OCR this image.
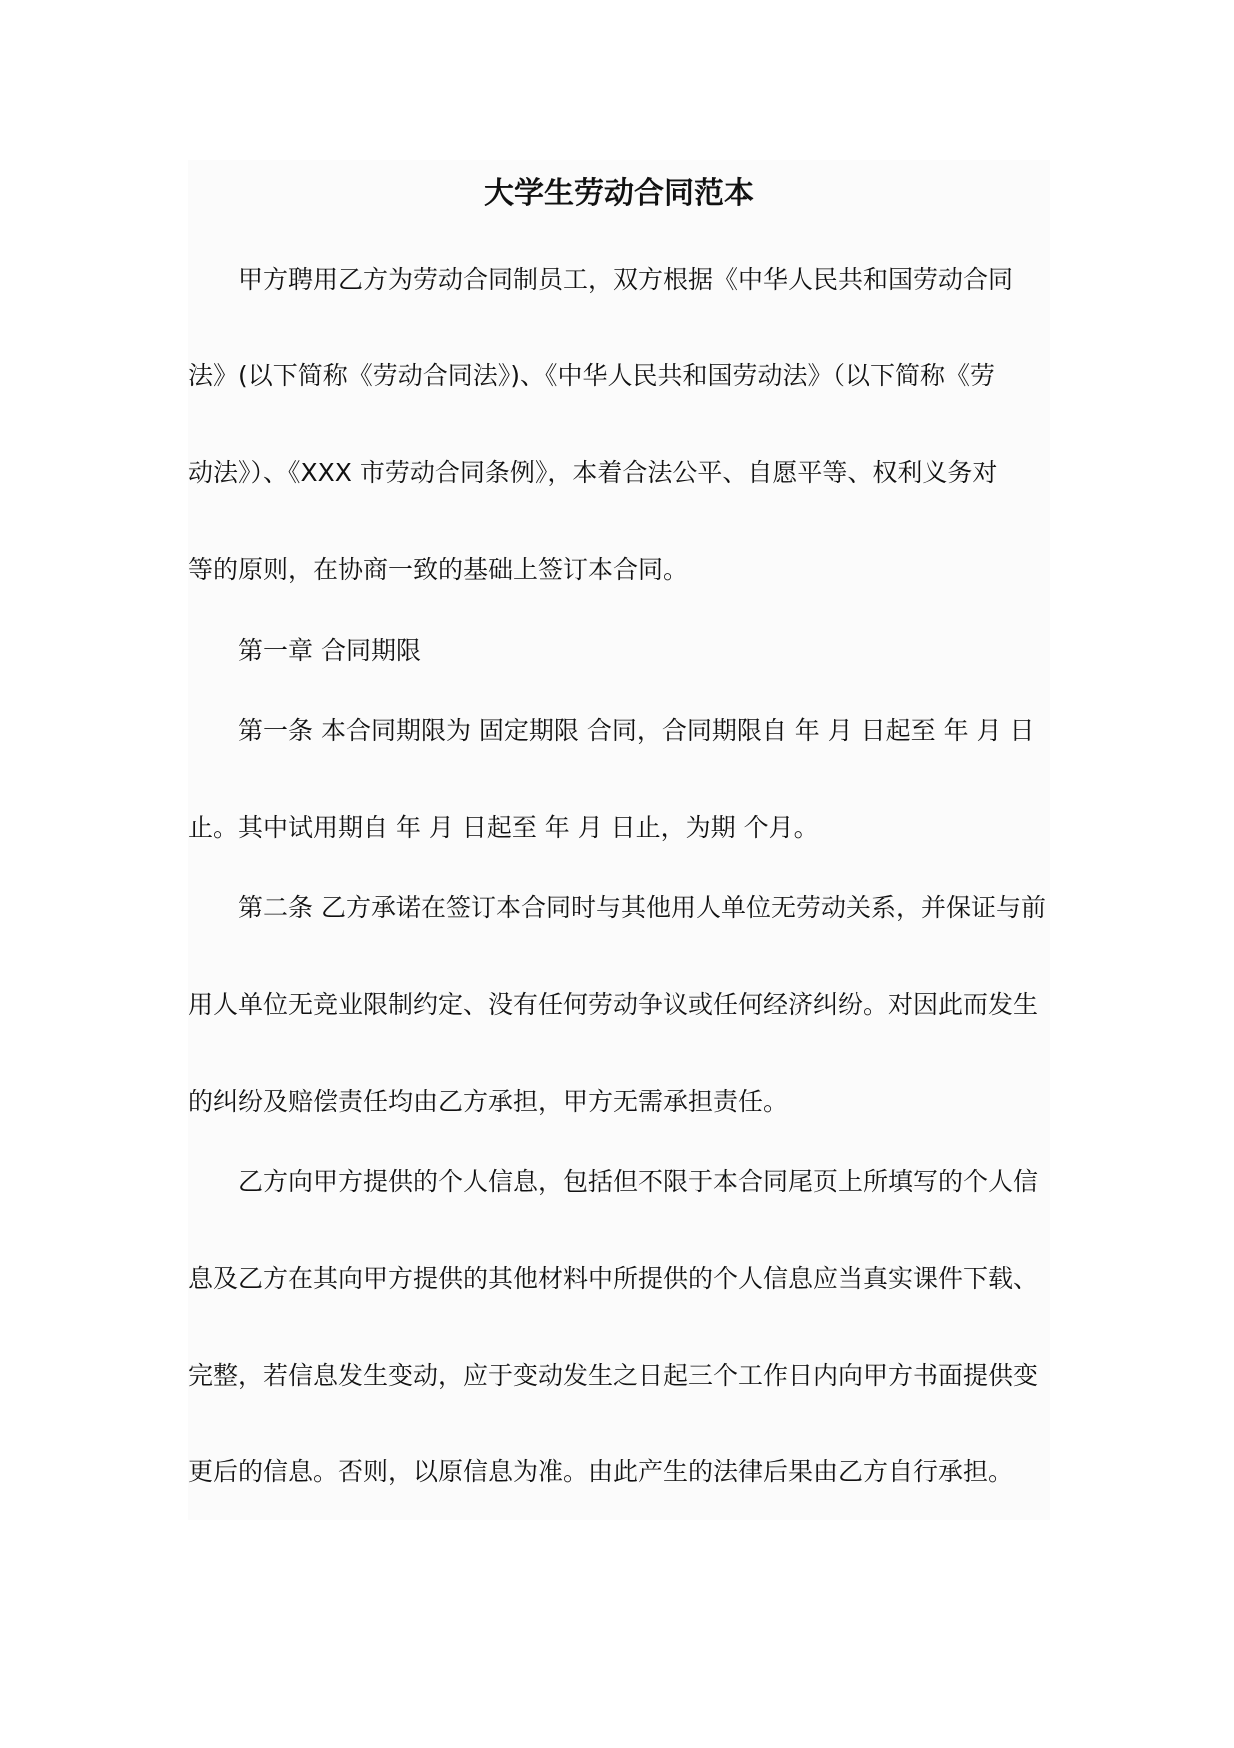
大学生劳动合同范本
甲方聘用乙方为劳动合同制员工，双方根据《中华人民共和国劳动合同
法》(以下简称《劳动合同法》)、《中华人民共和国劳动法》（以下简称《劳
动法》）、《XXX 市劳动合同条例》，本着合法公平、自愿平等、权利义务对
等的原则，在协商一致的基础上签订本合同。
第一章 合同期限
第一条 本合同期限为 固定期限 合同，合同期限自 年 月 日起至 年 月 日
止。其中试用期自 年 月 日起至 年 月 日止，为期 个月。
第二条 乙方承诺在签订本合同时与其他用人单位无劳动关系，并保证与前
用人单位无竞业限制约定、没有任何劳动争议或任何经济纠纷。对因此而发生
的纠纷及赔偿责任均由乙方承担，甲方无需承担责任。
乙方向甲方提供的个人信息，包括但不限于本合同尾页上所填写的个人信
息及乙方在其向甲方提供的其他材料中所提供的个人信息应当真实课件下载、
完整，若信息发生变动，应于变动发生之日起三个工作日内向甲方书面提供变
更后的信息。否则，以原信息为准。由此产生的法律后果由乙方自行承担。
